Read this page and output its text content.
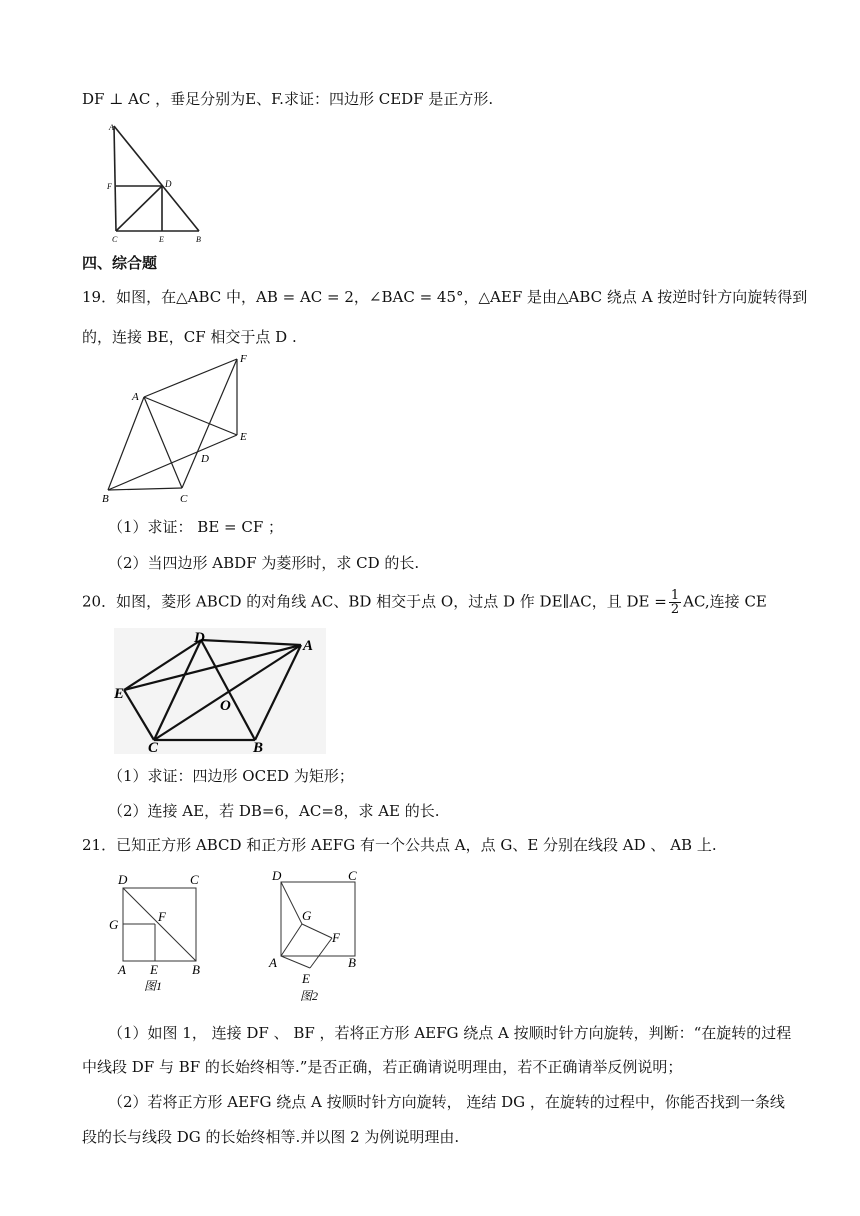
DF ⊥ AC ，垂足分别为E、F.求证：四边形 CEDF 是正方形.
A
F	D
C	E	B
四、综合题
19．如图，在△ABC 中，AB = AC = 2，∠BAC = 45°，△AEF 是由△ABC 绕点 A 按逆时针方向旋转得到
的，连接 BE，CF 相交于点 D .
F
A
E
D
B	C
（1）求证： BE = CF ；
（2）当四边形 ABDF 为菱形时，求 CD 的长.
20．如图，菱形 ABCD 的对角线 AC、BD 相交于点 O，过点 D 作 DE∥AC，且 DE = $\frac{1}{2}$ AC,连接 CE
D	A
E
O
C	B
（1）求证：四边形 OCED 为矩形；
（2）连接 AE，若 DB=6，AC=8，求 AE 的长.
21．已知正方形 ABCD 和正方形 AEFG 有一个公共点 A，点 G、E 分别在线段 AD 、 AB 上.
D	C
G
F
A E	B
图1
D	C
G
F
A
E
B
图2
（1）如图 1， 连接 DF 、 BF ，若将正方形 AEFG 绕点 A 按顺时针方向旋转，判断：“在旋转的过程
中线段 DF 与 BF 的长始终相等.”是否正确，若正确请说明理由，若不正确请举反例说明；
（2）若将正方形 AEFG 绕点 A 按顺时针方向旋转， 连结 DG ，在旋转的过程中，你能否找到一条线
段的长与线段 DG 的长始终相等.并以图 2 为例说明理由.
